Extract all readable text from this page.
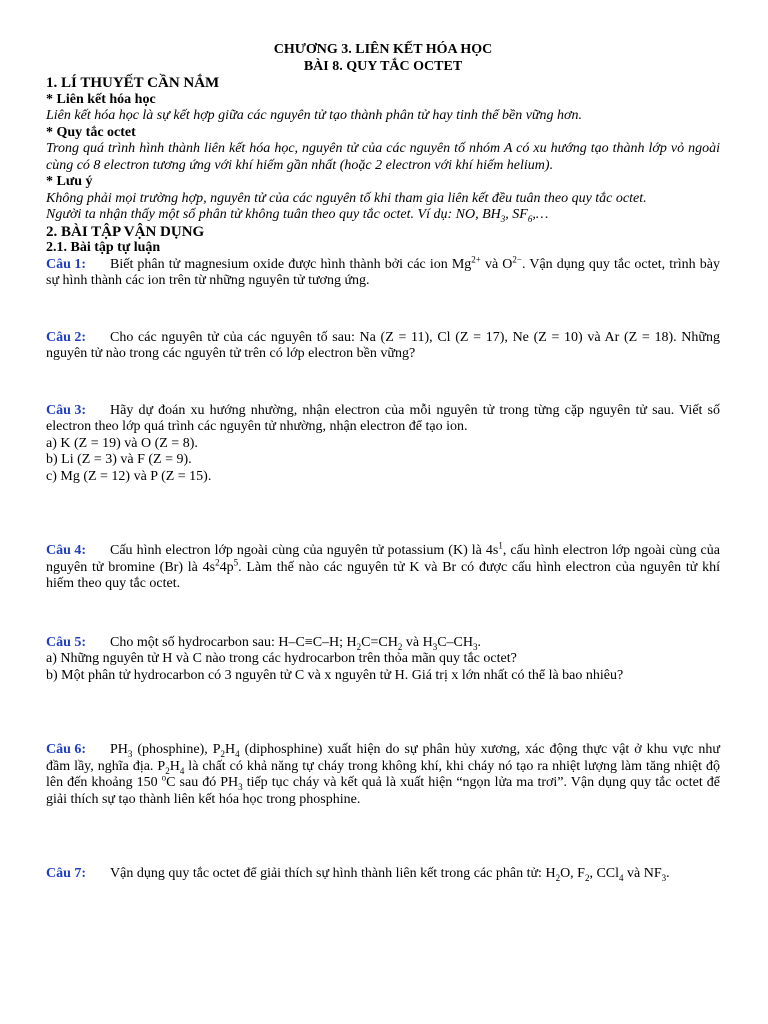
CHƯƠNG 3. LIÊN KẾT HÓA HỌC
BÀI 8. QUY TẮC OCTET
1. LÍ THUYẾT CẦN NẮM
* Liên kết hóa học
Liên kết hóa học là sự kết hợp giữa các nguyên tử tạo thành phân tử hay tinh thể bền vững hơn.
* Quy tắc octet
Trong quá trình hình thành liên kết hóa học, nguyên tử của các nguyên tố nhóm A có xu hướng tạo thành lớp vỏ ngoài cùng có 8 electron tương ứng với khí hiếm gần nhất (hoặc 2 electron với khí hiếm helium).
* Lưu ý
Không phải mọi trường hợp, nguyên tử của các nguyên tố khi tham gia liên kết đều tuân theo quy tắc octet.
Người ta nhận thấy một số phân tử không tuân theo quy tắc octet. Ví dụ: NO, $BH_3$, $SF_6,\dots$
2. BÀI TẬP VẬN DỤNG
2.1. Bài tập tự luận
Câu 1: Biết phân tử magnesium oxide được hình thành bởi các ion $Mg^{2+}$ và $O^{2-}$. Vận dụng quy tắc octet, trình bày sự hình thành các ion trên từ những nguyên tử tương ứng.
Câu 2: Cho các nguyên tử của các nguyên tố sau: Na (Z = 11), Cl (Z = 17), Ne (Z = 10) và Ar (Z = 18). Những nguyên tử nào trong các nguyên tử trên có lớp electron bền vững?
Câu 3: Hãy dự đoán xu hướng nhường, nhận electron của mỗi nguyên tử trong từng cặp nguyên tử sau. Viết số electron theo lớp quá trình các nguyên tử nhường, nhận electron để tạo ion.
a) K (Z = 19) và O (Z = 8).
b) Li (Z = 3) và F (Z = 9).
c) Mg (Z = 12) và P (Z = 15).
Câu 4: Cấu hình electron lớp ngoài cùng của nguyên tử potassium (K) là $4s^1$, cấu hình electron lớp ngoài cùng của nguyên tử bromine (Br) là $4s^24p^5$. Làm thế nào các nguyên tử K và Br có được cấu hình electron của nguyên tử khí hiếm theo quy tắc octet.
Câu 5: Cho một số hydrocarbon sau: H–C≡C–H; $H_2C=CH_2$ và $H_3C-CH_3$.
a) Những nguyên tử H và C nào trong các hydrocarbon trên thỏa mãn quy tắc octet?
b) Một phân tử hydrocarbon có 3 nguyên tử C và x nguyên tử H. Giá trị x lớn nhất có thể là bao nhiêu?
Câu 6: $PH_3$ (phosphine), $P_2H_4$ (diphosphine) xuất hiện do sự phân hủy xương, xác động thực vật ở khu vực như đầm lầy, nghĩa địa. $P_2H_4$ là chất có khả năng tự cháy trong không khí, khi cháy nó tạo ra nhiệt lượng làm tăng nhiệt độ lên đến khoảng 150 $^o$C sau đó $PH_3$ tiếp tục cháy và kết quả là xuất hiện “ngọn lửa ma trơi”. Vận dụng quy tắc octet để giải thích sự tạo thành liên kết hóa học trong phosphine.
Câu 7: Vận dụng quy tắc octet để giải thích sự hình thành liên kết trong các phân tử: $H_2O$, $F_2$, CCl$_4$ và $NF_3$.
